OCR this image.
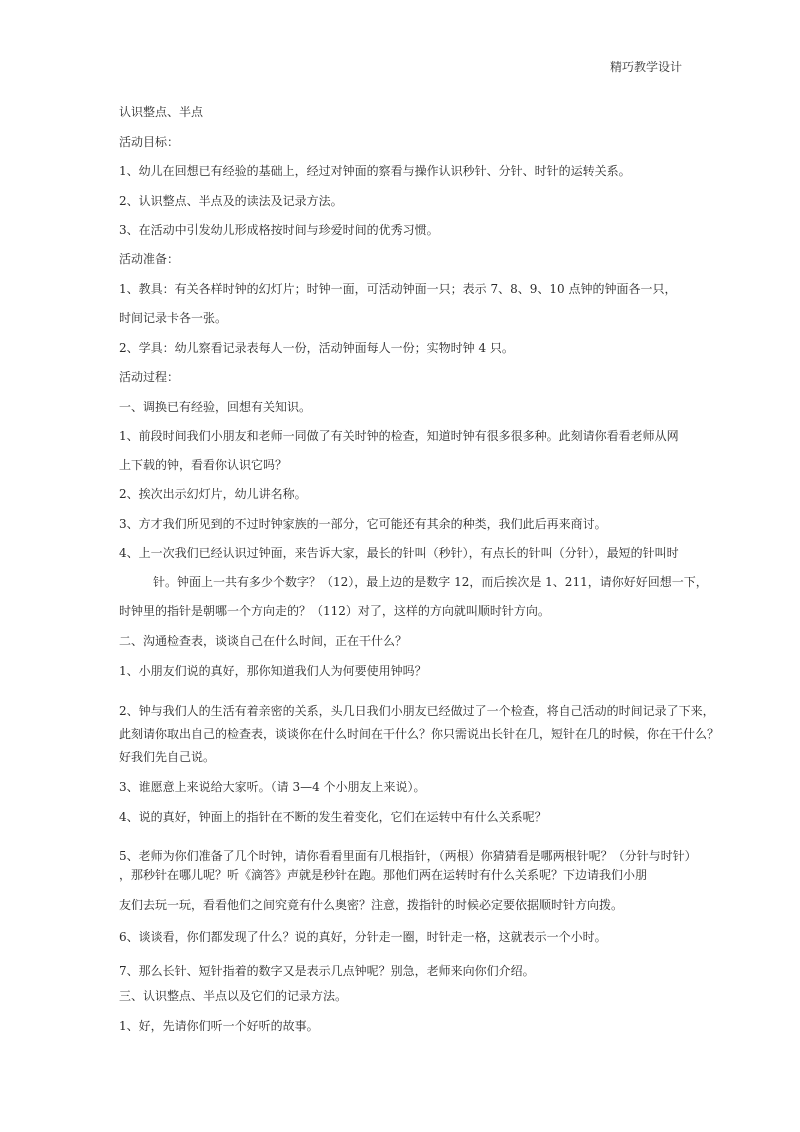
精巧教学设计
认识整点、半点
活动目标：
1、幼儿在回想已有经验的基础上，经过对钟面的察看与操作认识秒针、分针、时针的运转关系。
2、认识整点、半点及的读法及记录方法。
3、在活动中引发幼儿形成格按时间与珍爱时间的优秀习惯。
活动准备：
1、教具：有关各样时钟的幻灯片；时钟一面，可活动钟面一只；表示 7、8、9、10 点钟的钟面各一只，
时间记录卡各一张。
2、学具：幼儿察看记录表每人一份，活动钟面每人一份；实物时钟 4 只。
活动过程：
一、调换已有经验，回想有关知识。
1、前段时间我们小朋友和老师一同做了有关时钟的检查，知道时钟有很多很多种。此刻请你看看老师从网
上下载的钟，看看你认识它吗？
2、挨次出示幻灯片，幼儿讲名称。
3、方才我们所见到的不过时钟家族的一部分，它可能还有其余的种类，我们此后再来商讨。
4、上一次我们已经认识过钟面，来告诉大家，最长的针叫（秒针），有点长的针叫（分针），最短的针叫时
针。钟面上一共有多少个数字？（12），最上边的是数字 12，而后挨次是 1、211，请你好好回想一下，
时钟里的指针是朝哪一个方向走的？（112）对了，这样的方向就叫顺时针方向。
二、沟通检查表，谈谈自己在什么时间，正在干什么？
1、小朋友们说的真好，那你知道我们人为何要使用钟吗？
2、钟与我们人的生活有着亲密的关系，头几日我们小朋友已经做过了一个检查，将自己活动的时间记录了下来，
此刻请你取出自己的检查表，谈谈你在什么时间在干什么？你只需说出长针在几，短针在几的时候，你在干什么？
好我们先自己说。
3、谁愿意上来说给大家听。（请 3—4 个小朋友上来说）。
4、说的真好，钟面上的指针在不断的发生着变化，它们在运转中有什么关系呢？
5、老师为你们准备了几个时钟，请你看看里面有几根指针，（两根）你猜猜看是哪两根针呢？（分针与时针）
，那秒针在哪儿呢？听《滴答》声就是秒针在跑。那他们两在运转时有什么关系呢？下边请我们小朋
友们去玩一玩，看看他们之间究竟有什么奥密？注意，拨指针的时候必定要依据顺时针方向拨。
6、谈谈看，你们都发现了什么？说的真好，分针走一圈，时针走一格，这就表示一个小时。
7、那么长针、短针指着的数字又是表示几点钟呢？别急，老师来向你们介绍。
三、认识整点、半点以及它们的记录方法。
1、好，先请你们听一个好听的故事。
